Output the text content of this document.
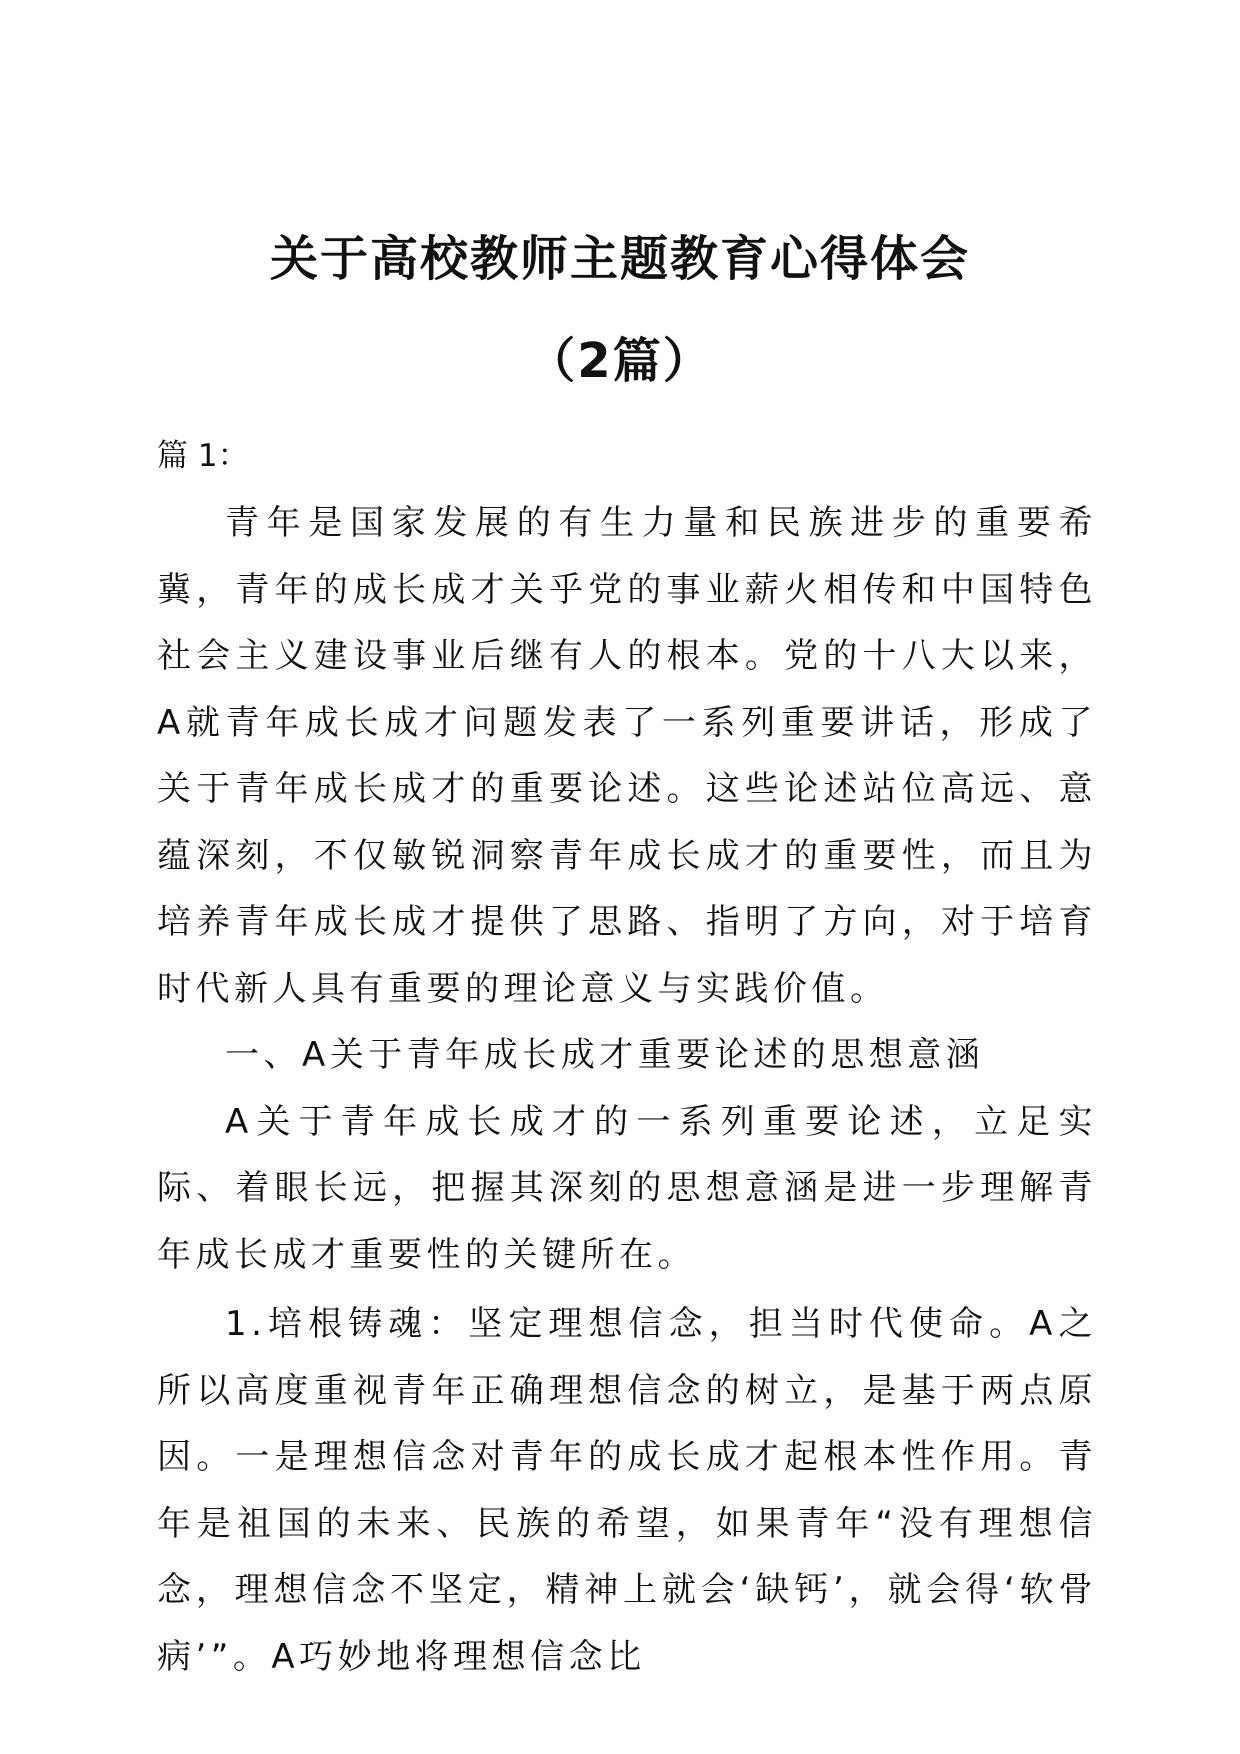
关于高校教师主题教育心得体会
（2篇）

篇 1：

青年是国家发展的有生力量和民族进步的重要希冀，青年的成长成才关乎党的事业薪火相传和中国特色社会主义建设事业后继有人的根本。党的十八大以来，A就青年成长成才问题发表了一系列重要讲话，形成了关于青年成长成才的重要论述。这些论述站位高远、意蕴深刻，不仅敏锐洞察青年成长成才的重要性，而且为培养青年成长成才提供了思路、指明了方向，对于培育时代新人具有重要的理论意义与实践价值。

一、A关于青年成长成才重要论述的思想意涵

A关于青年成长成才的一系列重要论述，立足实际、着眼长远，把握其深刻的思想意涵是进一步理解青年成长成才重要性的关键所在。

1.培根铸魂：坚定理想信念，担当时代使命。A之所以高度重视青年正确理想信念的树立，是基于两点原因。一是理想信念对青年的成长成才起根本性作用。青年是祖国的未来、民族的希望，如果青年“没有理想信念，理想信念不坚定，精神上就会‘缺钙’，就会得‘软骨病’”。A巧妙地将理想信念比
